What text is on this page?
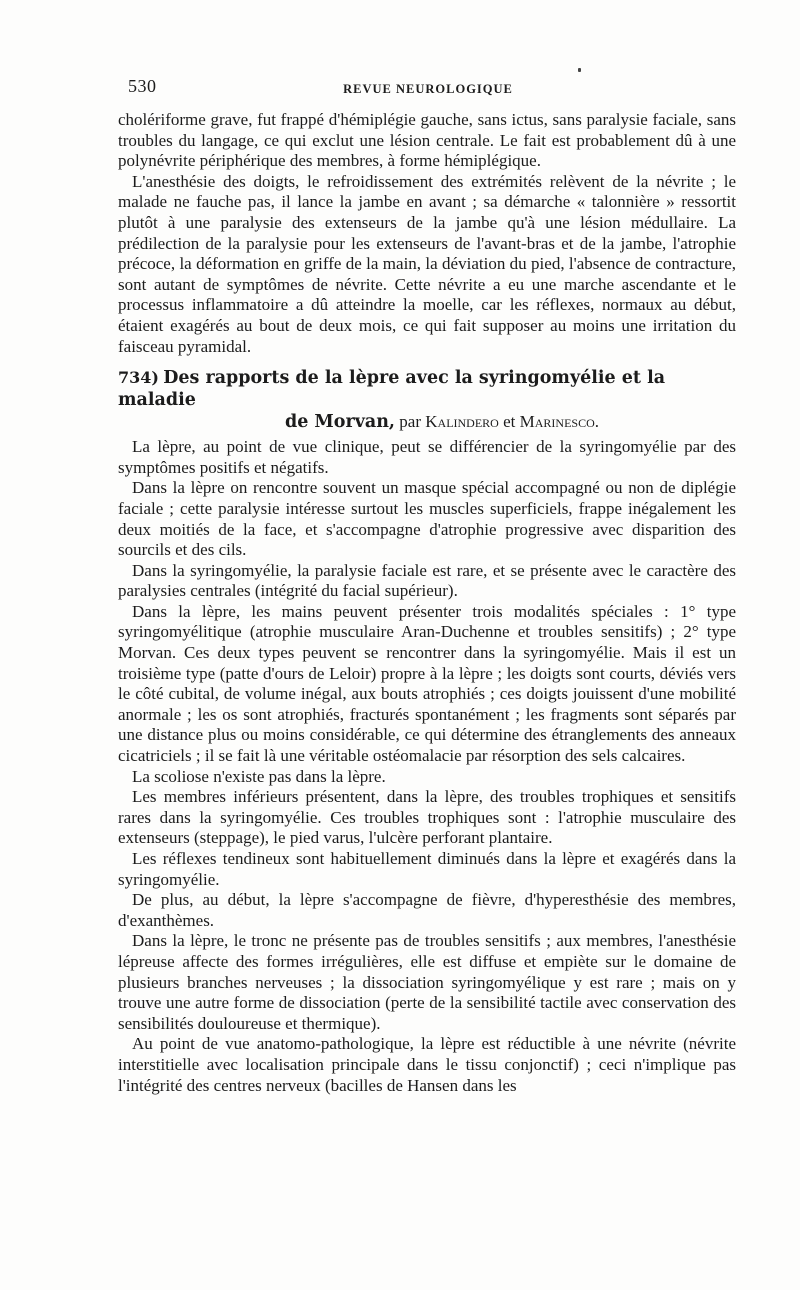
530	REVUE NEUROLOGIQUE

cholériforme grave, fut frappé d'hémiplégie gauche, sans ictus, sans paralysie faciale, sans troubles du langage, ce qui exclut une lésion centrale. Le fait est probablement dû à une polynévrite périphérique des membres, à forme hémiplégique.

L'anesthésie des doigts, le refroidissement des extrémités relèvent de la névrite ; le malade ne fauche pas, il lance la jambe en avant ; sa démarche « talonnière » ressortit plutôt à une paralysie des extenseurs de la jambe qu'à une lésion médullaire. La prédilection de la paralysie pour les extenseurs de l'avant-bras et de la jambe, l'atrophie précoce, la déformation en griffe de la main, la déviation du pied, l'absence de contracture, sont autant de symptômes de névrite. Cette névrite a eu une marche ascendante et le processus inflammatoire a dû atteindre la moelle, car les réflexes, normaux au début, étaient exagérés au bout de deux mois, ce qui fait supposer au moins une irritation du faisceau pyramidal.

734) Des rapports de la lèpre avec la syringomyélie et la maladie
de Morvan, par Kalindero et Marinesco.

La lèpre, au point de vue clinique, peut se différencier de la syringomyélie par des symptômes positifs et négatifs.

Dans la lèpre on rencontre souvent un masque spécial accompagné ou non de diplégie faciale ; cette paralysie intéresse surtout les muscles superficiels, frappe inégalement les deux moitiés de la face, et s'accompagne d'atrophie progressive avec disparition des sourcils et des cils.

Dans la syringomyélie, la paralysie faciale est rare, et se présente avec le caractère des paralysies centrales (intégrité du facial supérieur).

Dans la lèpre, les mains peuvent présenter trois modalités spéciales : 1° type syringomyélitique (atrophie musculaire Aran-Duchenne et troubles sensitifs) ; 2° type Morvan. Ces deux types peuvent se rencontrer dans la syringomyélie. Mais il est un troisième type (patte d'ours de Leloir) propre à la lèpre ; les doigts sont courts, déviés vers le côté cubital, de volume inégal, aux bouts atrophiés ; ces doigts jouissent d'une mobilité anormale ; les os sont atrophiés, fracturés spontanément ; les fragments sont séparés par une distance plus ou moins considérable, ce qui détermine des étranglements des anneaux cicatriciels ; il se fait là une véritable ostéomalacie par résorption des sels calcaires.

La scoliose n'existe pas dans la lèpre.

Les membres inférieurs présentent, dans la lèpre, des troubles trophiques et sensitifs rares dans la syringomyélie. Ces troubles trophiques sont : l'atrophie musculaire des extenseurs (steppage), le pied varus, l'ulcère perforant plantaire.

Les réflexes tendineux sont habituellement diminués dans la lèpre et exagérés dans la syringomyélie.

De plus, au début, la lèpre s'accompagne de fièvre, d'hyperesthésie des membres, d'exanthèmes.

Dans la lèpre, le tronc ne présente pas de troubles sensitifs ; aux membres, l'anesthésie lépreuse affecte des formes irrégulières, elle est diffuse et empiète sur le domaine de plusieurs branches nerveuses ; la dissociation syringomyélique y est rare ; mais on y trouve une autre forme de dissociation (perte de la sensibilité tactile avec conservation des sensibilités douloureuse et thermique).

Au point de vue anatomo-pathologique, la lèpre est réductible à une névrite (névrite interstitielle avec localisation principale dans le tissu conjonctif) ; ceci n'implique pas l'intégrité des centres nerveux (bacilles de Hansen dans les
